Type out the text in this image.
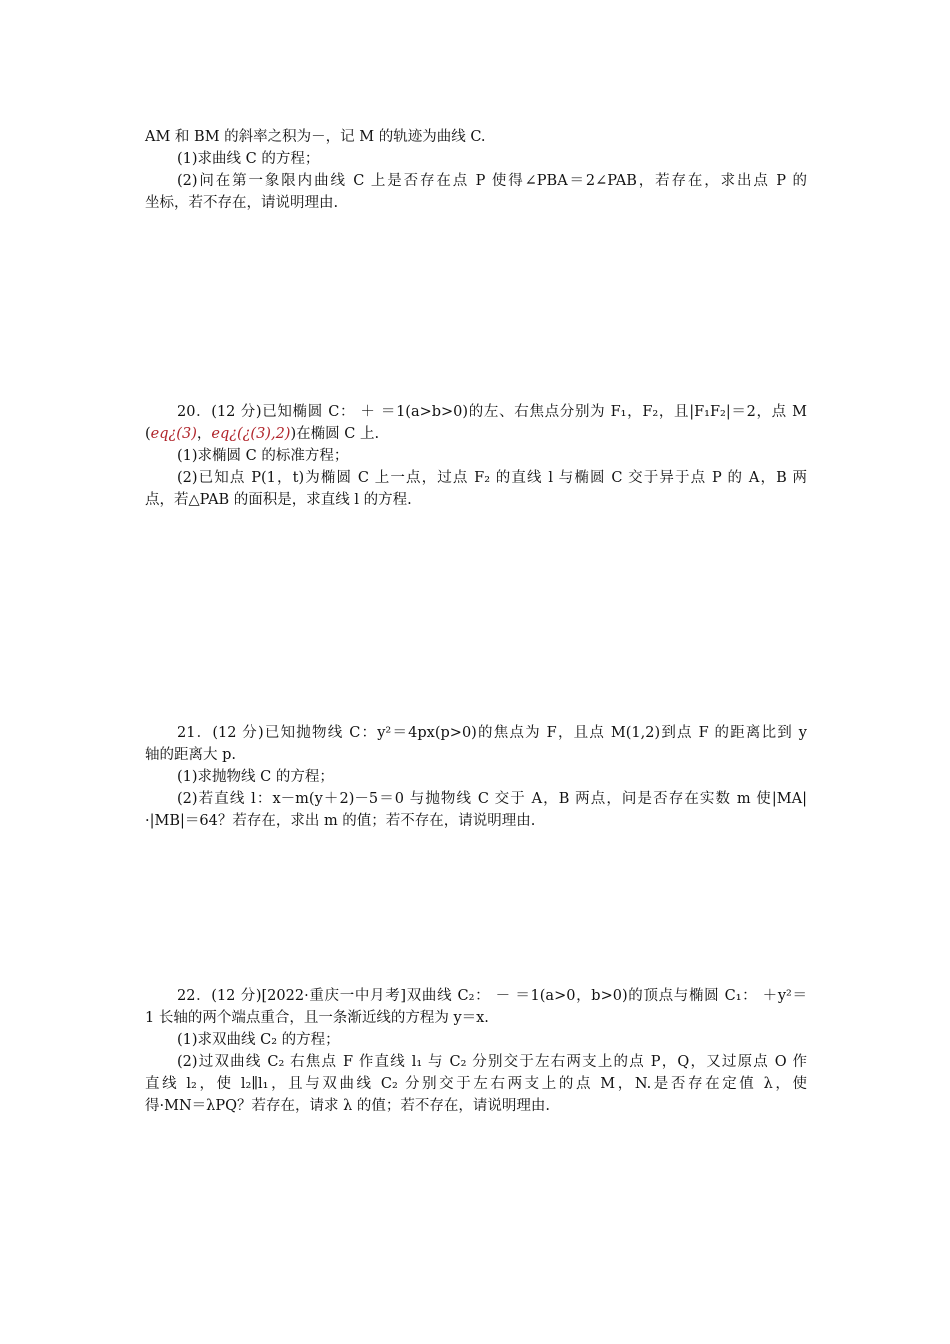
AM 和 BM 的斜率之积为－，记 M 的轨迹为曲线 C.
(1)求曲线 C 的方程；
(2)问在第一象限内曲线 C 上是否存在点 P 使得∠PBA＝2∠PAB，若存在，求出点 P 的
坐标，若不存在，请说明理由.
20．(12 分)已知椭圆 C： ＋ ＝1(a>b>0)的左、右焦点分别为 F₁，F₂，且|F₁F₂|＝2，点 M
(eq¿(3)，eq¿(¿(3),2))在椭圆 C 上.
(1)求椭圆 C 的标准方程；
(2)已知点 P(1，t)为椭圆 C 上一点，过点 F₂ 的直线 l 与椭圆 C 交于异于点 P 的 A，B 两
点，若△PAB 的面积是，求直线 l 的方程.
21．(12 分)已知抛物线 C：y²＝4px(p>0)的焦点为 F，且点 M(1,2)到点 F 的距离比到 y
轴的距离大 p.
(1)求抛物线 C 的方程；
(2)若直线 l：x－m(y＋2)－5＝0 与抛物线 C 交于 A，B 两点，问是否存在实数 m 使|MA|
·|MB|＝64？若存在，求出 m 的值；若不存在，请说明理由.
22．(12 分)[2022·重庆一中月考]双曲线 C₂： － ＝1(a>0，b>0)的顶点与椭圆 C₁： ＋y²＝
1 长轴的两个端点重合，且一条渐近线的方程为 y＝x.
(1)求双曲线 C₂ 的方程；
(2)过双曲线 C₂ 右焦点 F 作直线 l₁ 与 C₂ 分别交于左右两支上的点 P，Q，又过原点 O 作
直线 l₂，使 l₂∥l₁，且与双曲线 C₂ 分别交于左右两支上的点 M，N.是否存在定值 λ，使
得·MN＝λPQ？若存在，请求 λ 的值；若不存在，请说明理由.
